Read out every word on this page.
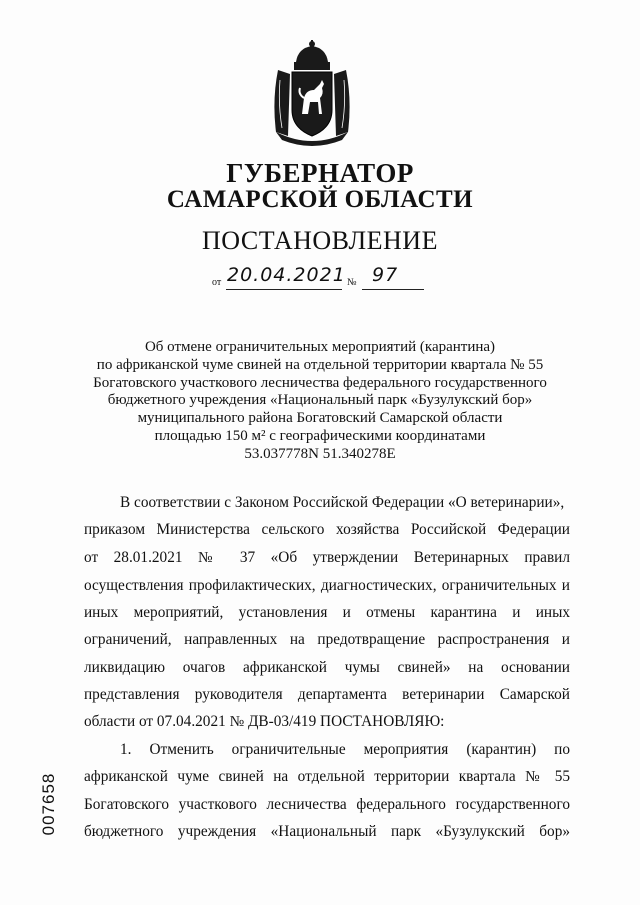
ГУБЕРНАТОР
САМАРСКОЙ ОБЛАСТИ
ПОСТАНОВЛЕНИЕ
от 20.04.2021 № 97
Об отмене ограничительных мероприятий (карантина)
по африканской чуме свиней на отдельной территории квартала № 55
Богатовского участкового лесничества федерального государственного
бюджетного учреждения «Национальный парк «Бузулукский бор»
муниципального района Богатовский Самарской области
площадью 150 м² с географическими координатами
53.037778N 51.340278E
В соответствии с Законом Российской Федерации «О ветеринарии»,
приказом Министерства сельского хозяйства Российской Федерации
от 28.01.2021 № 37 «Об утверждении Ветеринарных правил
осуществления профилактических, диагностических, ограничительных и
иных мероприятий, установления и отмены карантина и иных
ограничений, направленных на предотвращение распространения и
ликвидацию очагов африканской чумы свиней» на основании
представления руководителя департамента ветеринарии Самарской
области от 07.04.2021 № ДВ-03/419 ПОСТАНОВЛЯЮ:
1. Отменить ограничительные мероприятия (карантин) по
африканской чуме свиней на отдельной территории квартала № 55
Богатовского участкового лесничества федерального государственного
бюджетного учреждения «Национальный парк «Бузулукский бор»
007658
